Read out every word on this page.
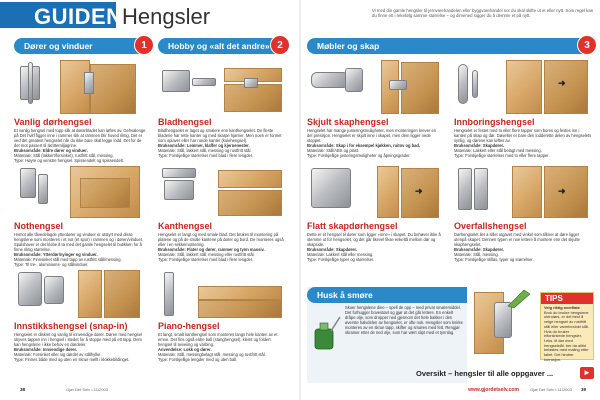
GUIDEN Hengsler	Vi med din gamle hengsler til jernvarehandelen eller byggvarehandel nor du skal skifte ut et eller nytt. Som regel kan du finne ett i rekefølg samme størrelse – og dimened sigger du å demme et på nytt.
Dører og vinduer	1	Hobby og «alt det andre» 2	Møbler og skap	3
Vanlig dørhengsel

Et vanlig hengsel med topp slik at dørarbladet kan løftes av. Gehvalenge på Det hvitf figger inne i rammer slik at rammen blir hoved riktig. Det er ved det greatest hengselet når du ikke bare skal legge lodd. Det for de det mot passert til skrittemiljøgrine.
Bruksområde: Eldre dører og vinduer.
Materiale: Stål (lakkert/forsinket), rustfritt stål, messing.
Type: Høyre og venstre hengsel. Spissendelt og spissendelt.

Bladhengsel

Bladhengselet er laget og smalere enn kanthengselet. De fleste bladene har rette kanter og med skarpe hjørner. Men noen er formet som opiaver eller har runde kanter (kulehengsel).
Bruksområde: Lemmer, klaffer og kjernenester.
Materiale: Stål, lakkert stål, messing og rustfritt stål.
Type: Forskjellige størrelser med blad i flere lengder.

Skjult skaphengsel

Hengselet har mange justeringsmuligheter, men monteringen krever en del presisjon. Hengselet er skjult inne i skapet, men dem ligger nede stoppet.
Bruksområde: Skap i for eksempel kjøkken, ruitov og bad.
Materiale: Stål/ABS og plast.
Type: Forskjellige justeringsmuligheter og åpningsgrader.

➜
Innboringshengsel

Hengselet er festet med to eller flere tapper som bores og festes inn i kanten på skap og dør. Døvelter er bare den lodderette delen av hengselets synlig, og dørene kan løftes av.
Bruksområde: Skapdører.
Materiale: Lakkert eller stål belagt med messing.
Type: Forskjellige størrelser med to eller flere tapper.

Nothengsel

Hvmot alle tåvedelagde ytterdører og vinduer er utstyrt med disse hengslene som monteres i et not (et spor) i rammen og i døren/vinduet. Spalshaver er det klobe å ta med det gamle hengselet til butikken for å finne riktig størrelse.
Bruksområde: Ytterdør/nyinger og vinduer.
Materiale: Finnsinket stål med tapp av rustfritt stål/messing.
Type: Til tre-, aluminiums- og stålvinduer.

Kanthengsel

Hengselet er langt og med smale blad. Det brukes til montering på platene og på de smale kantene på dører og bord. De monteres også eller i en sekkemontering.
Bruksområde: Flater og dører, rammer og tynn massiv.
Materiale: Stål, lakkert stål, messing eller rustfritt stål.
Type: Forskjellige størrelser med blad i flere lengder.

➜
Flatt skapdørhengsel

Dette er et hengsel til dører som ligger «inne» i skapet. Du behøver ikke å stemme ut for hengselet, og det går likevel fikse enkeltå mellom dør og skapside.
Bruksområde: Skapdører.
Materiale: Lakkert stål eller messing.
Type: Forskjellige typer og størrelser.

➜
Overfallshengsel

Dørhengselet liet a sillet utgavet med vinkel som tilkner at døre ligger utenpå skapet. Dennen typen er noe lettere å montere enn det skjulte skaphengselet.
Bruksområde: Skapdører.
Materiale: Stål, messing.
Type: Forskjellige stillas, typer og størrelser.

Innstikkshengsel (snap-in)

Hengselet er diskret og vanlig til innvendige dører. Døren med hengsel skyves tappen inn i hengsel i stedet for å stoppe med på ett tapp. Dem kan hengslene i ikke behov en dørdeler.
Bruksområde: Innvendige dører.
Materiale: Forsinket eller sig dørdel av stålhylke.
Type: Finnes både med og uten en skrue mellt i klokkebildinget.

Piano-hengsel

Et langt, smalt kanthengsel som monteres langs hele kanten av et emne. Det fins også eldre ball (stanghengsel), klemt og foldert hengsel til avveiing og varbing.
Anvendelse: Lokk og dører.
Materiale: Stål, messingbelagt stål, messing og rustfritt stål.
Type: Forskjellige lengder med og uten ball.

Husk å smøre

Skuer hengslene dine – spell de opp – med privat smøremiddel. Det forhugger bovestøvt og gjør at det går lettere. En enkelt dråpe olje, som dropper ned gjennom det hele bakker i den øverste halvdelen av hengselet, er ofte nok. Hengsler som knirke monteres av en skrue tapp, skifter og smøres med fett. Rengjør skramer etter de ned olje, som har vært slipt med et tynnlag.

TIPS

Velg riktig overflate
Bruk du brukre hengslene utendørs, er det best å velge hengsel av rustfritt stål eller varmforsinkt stål. Hvis du bruker elforsinkede hengsler, f.eks. til dør med hengselstål, ber da alltid belastes med maling etter tallet. Det hindrer korrosjon.

Oversikt – hengsler til alle oppgaver ...	►
38	Gjør Det Selv • 11/2003	www.gjordetselv.com	Gjør Det Selv • 11/2003 39
